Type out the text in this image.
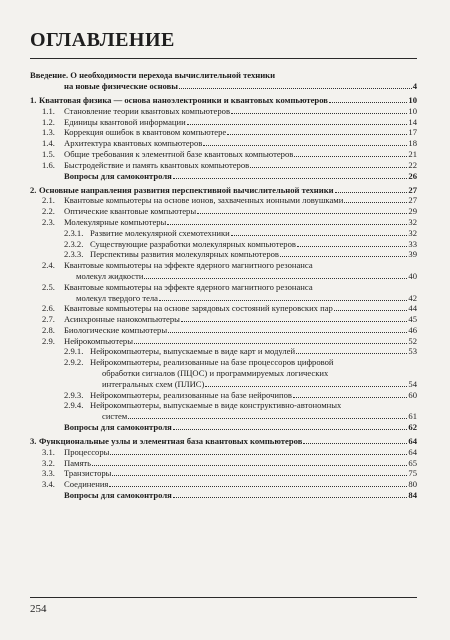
ОГЛАВЛЕНИЕ
Введение. О необходимости перехода вычислительной техники
на новые физические основы	4
1. Квантовая физика — основа наноэлектроники и квантовых компьютеров	10
1.1. Становление теории квантовых компьютеров	10
1.2. Единицы квантовой информации	14
1.3. Коррекция ошибок в квантовом компьютере	17
1.4. Архитектура квантовых компьютеров	18
1.5. Общие требования к элементной базе квантовых компьютеров	21
1.6. Быстродействие и память квантовых компьютеров	22
Вопросы для самоконтроля	26
2. Основные направления развития перспективной вычислительной техники	27
2.1. Квантовые компьютеры на основе ионов, захваченных ионными ловушками	27
2.2. Оптические квантовые компьютеры	29
2.3. Молекулярные компьютеры	32
2.3.1. Развитие молекулярной схемотехники	32
2.3.2. Существующие разработки молекулярных компьютеров	33
2.3.3. Перспективы развития молекулярных компьютеров	39
2.4. Квантовые компьютеры на эффекте ядерного магнитного резонанса
молекул жидкости	40
2.5. Квантовые компьютеры на эффекте ядерного магнитного резонанса
молекул твердого тела	42
2.6. Квантовые компьютеры на основе зарядовых состояний куперовских пар	44
2.7. Асинхронные нанокомпьютеры	45
2.8. Биологические компьютеры	46
2.9. Нейрокомпьютеры	52
2.9.1. Нейрокомпьютеры, выпускаемые в виде карт и модулей	53
2.9.2. Нейрокомпьютеры, реализованные на базе процессоров цифровой
обработки сигналов (ПЦОС) и программируемых логических
интегральных схем (ПЛИС)	54
2.9.3. Нейрокомпьютеры, реализованные на базе нейрочипов	60
2.9.4. Нейрокомпьютеры, выпускаемые в виде конструктивно-автономных
систем	61
Вопросы для самоконтроля	62
3. Функциональные узлы и элементная база квантовых компьютеров	64
3.1. Процессоры	64
3.2. Память	65
3.3. Транзисторы	75
3.4. Соединения	80
Вопросы для самоконтроля	84
254
